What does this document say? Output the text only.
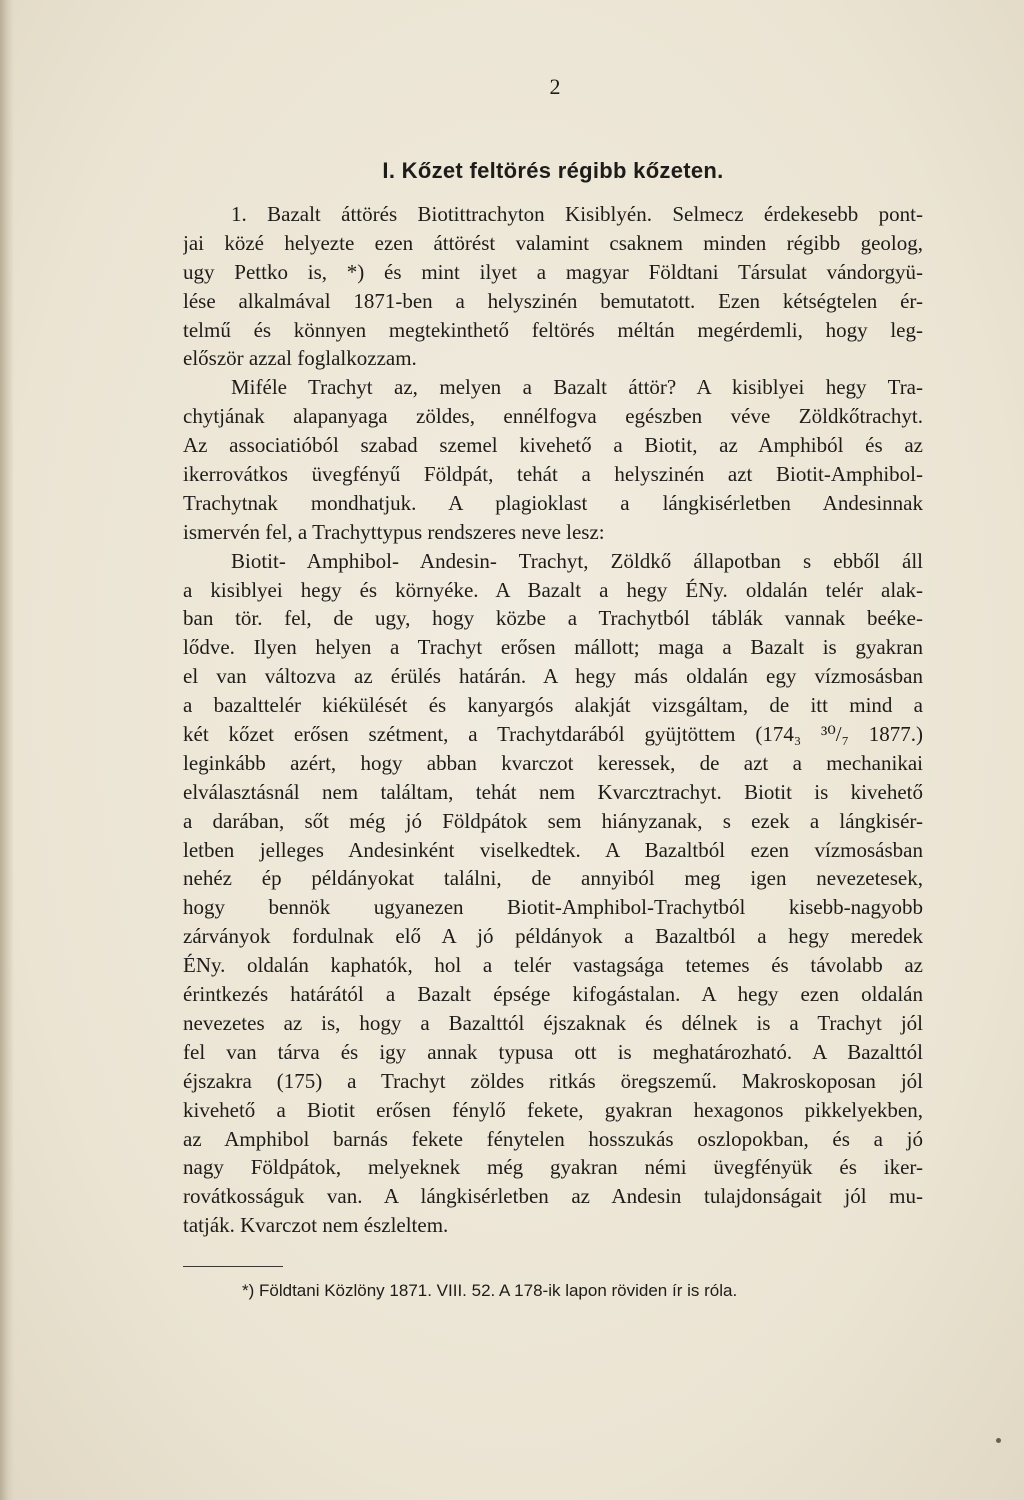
2
I. Kőzet feltörés régibb kőzeten.
1. Bazalt áttörés Biotittrachyton Kisiblyén. Selmecz érdekesebb pont-
jai közé helyezte ezen áttörést valamint csaknem minden régibb geolog,
ugy Pettko is, *) és mint ilyet a magyar Földtani Társulat vándorgyü-
lése alkalmával 1871-ben a helyszinén bemutatott. Ezen kétségtelen ér-
telmű és könnyen megtekinthető feltörés méltán megérdemli, hogy leg-
először azzal foglalkozzam.
Miféle Trachyt az, melyen a Bazalt áttör? A kisiblyei hegy Tra-
chytjának alapanyaga zöldes, ennélfogva egészben véve Zöldkőtrachyt.
Az associatióból szabad szemel kivehető a Biotit, az Amphiból és az
ikerrovátkos üvegfényű Földpát, tehát a helyszinén azt Biotit-Amphibol-
Trachytnak mondhatjuk. A plagioklast a lángkisérletben Andesinnak
ismervén fel, a Trachyttypus rendszeres neve lesz:
Biotit- Amphibol- Andesin- Trachyt, Zöldkő állapotban s ebből áll
a kisiblyei hegy és környéke. A Bazalt a hegy ÉNy. oldalán telér alak-
ban tör. fel, de ugy, hogy közbe a Trachytból táblák vannak beéke-
lődve. Ilyen helyen a Trachyt erősen mállott; maga a Bazalt is gyakran
el van változva az érülés határán. A hegy más oldalán egy vízmosásban
a bazalttelér kiékülését és kanyargós alakját vizsgáltam, de itt mind a
két kőzet erősen szétment, a Trachytdarából gyüjtöttem (174₃ ³⁰/₇ 1877.)
leginkább azért, hogy abban kvarczot keressek, de azt a mechanikai
elválasztásnál nem találtam, tehát nem Kvarcztrachyt. Biotit is kivehető
a darában, sőt még jó Földpátok sem hiányzanak, s ezek a lángkisér-
letben jelleges Andesinként viselkedtek. A Bazaltból ezen vízmosásban
nehéz ép példányokat találni, de annyiból meg igen nevezetesek,
hogy bennök ugyanezen Biotit-Amphibol-Trachytból kisebb-nagyobb
zárványok fordulnak elő A jó példányok a Bazaltból a hegy meredek
ÉNy. oldalán kaphatók, hol a telér vastagsága tetemes és távolabb az
érintkezés határától a Bazalt épsége kifogástalan. A hegy ezen oldalán
nevezetes az is, hogy a Bazalttól éjszaknak és délnek is a Trachyt jól
fel van tárva és igy annak typusa ott is meghatározható. A Bazalttól
éjszakra (175) a Trachyt zöldes ritkás öregszemű. Makroskoposan jól
kivehető a Biotit erősen fénylő fekete, gyakran hexagonos pikkelyekben,
az Amphibol barnás fekete fénytelen hosszukás oszlopokban, és a jó
nagy Földpátok, melyeknek még gyakran némi üvegfényük és iker-
rovátkosságuk van. A lángkisérletben az Andesin tulajdonságait jól mu-
tatják. Kvarczot nem észleltem.
*) Földtani Közlöny 1871. VIII. 52. A 178-ik lapon röviden ír is róla.
